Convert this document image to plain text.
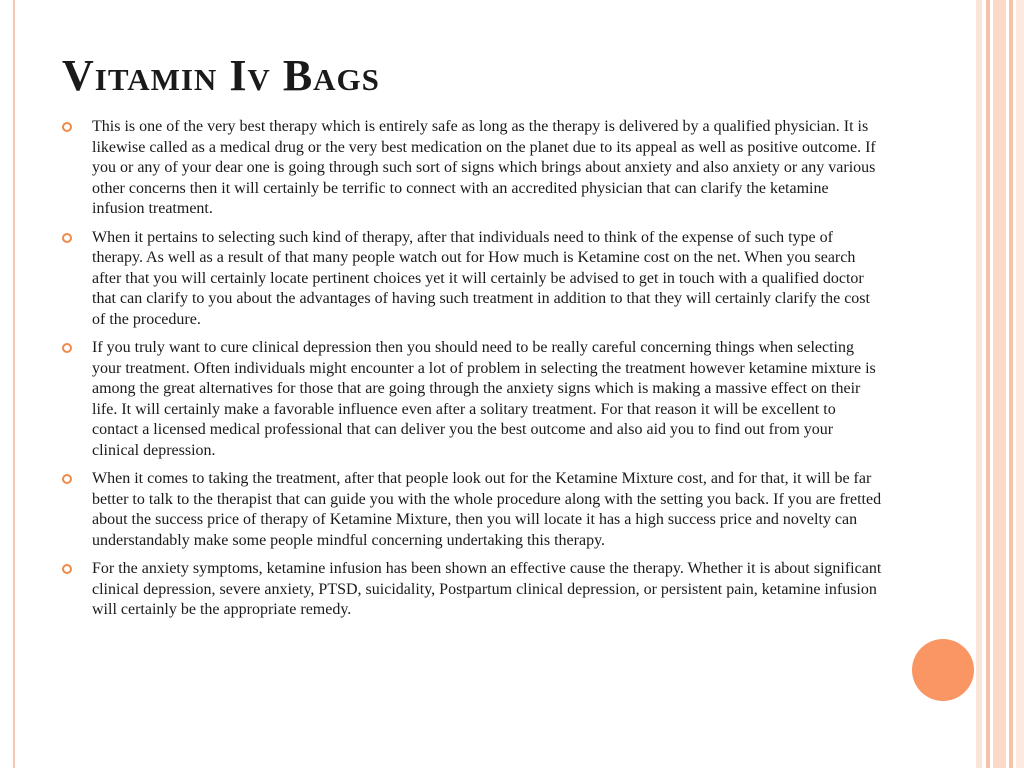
Vitamin Iv Bags
This is one of the very best therapy which is entirely safe as long as the therapy is delivered by a qualified physician. It is likewise called as a medical drug or the very best medication on the planet due to its appeal as well as positive outcome. If you or any of your dear one is going through such sort of signs which brings about anxiety and also anxiety or any various other concerns then it will certainly be terrific to connect with an accredited physician that can clarify the ketamine infusion treatment.
When it pertains to selecting such kind of therapy, after that individuals need to think of the expense of such type of therapy. As well as a result of that many people watch out for How much is Ketamine cost on the net. When you search after that you will certainly locate pertinent choices yet it will certainly be advised to get in touch with a qualified doctor that can clarify to you about the advantages of having such treatment in addition to that they will certainly clarify the cost of the procedure.
If you truly want to cure clinical depression then you should need to be really careful concerning things when selecting your treatment. Often individuals might encounter a lot of problem in selecting the treatment however ketamine mixture is among the great alternatives for those that are going through the anxiety signs which is making a massive effect on their life. It will certainly make a favorable influence even after a solitary treatment. For that reason it will be excellent to contact a licensed medical professional that can deliver you the best outcome and also aid you to find out from your clinical depression.
When it comes to taking the treatment, after that people look out for the Ketamine Mixture cost, and for that, it will be far better to talk to the therapist that can guide you with the whole procedure along with the setting you back. If you are fretted about the success price of therapy of Ketamine Mixture, then you will locate it has a high success price and novelty can understandably make some people mindful concerning undertaking this therapy.
For the anxiety symptoms, ketamine infusion has been shown an effective cause the therapy. Whether it is about significant clinical depression, severe anxiety, PTSD, suicidality, Postpartum clinical depression, or persistent pain, ketamine infusion will certainly be the appropriate remedy.
